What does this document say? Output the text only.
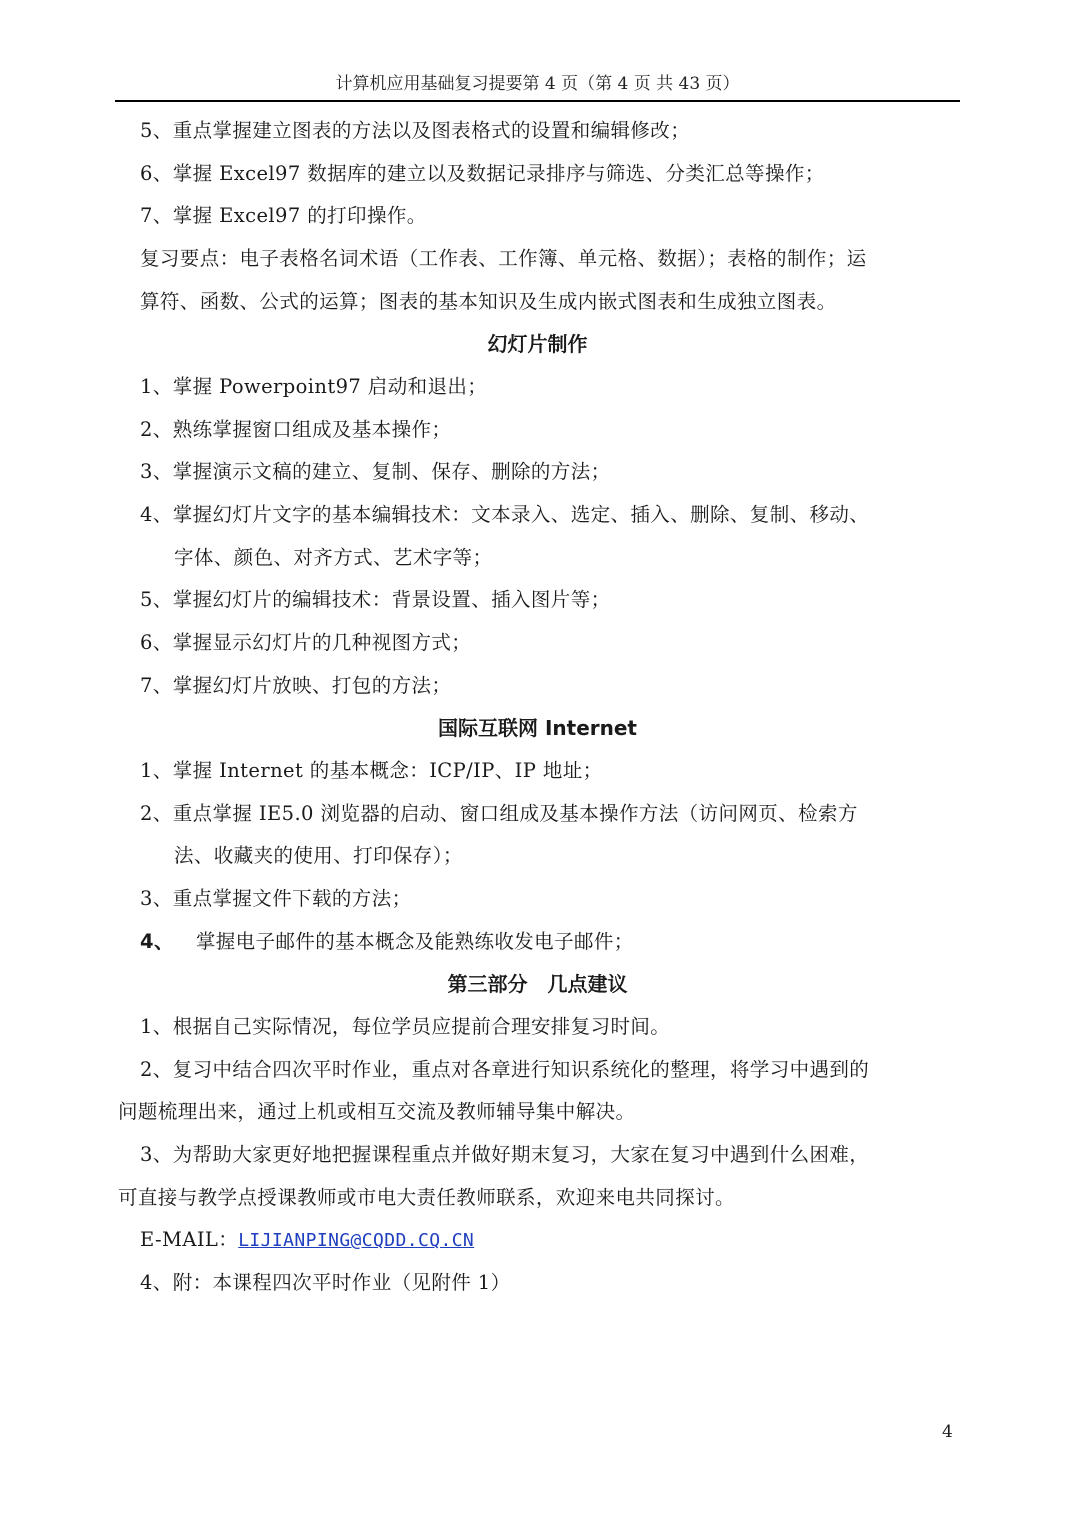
计算机应用基础复习提要第 4 页（第 4 页 共 43 页）
5、重点掌握建立图表的方法以及图表格式的设置和编辑修改；
6、掌握 Excel97 数据库的建立以及数据记录排序与筛选、分类汇总等操作；
7、掌握 Excel97 的打印操作。
复习要点：电子表格名词术语（工作表、工作簿、单元格、数据）；表格的制作；运
算符、函数、公式的运算；图表的基本知识及生成内嵌式图表和生成独立图表。
幻灯片制作
1、掌握 Powerpoint97 启动和退出；
2、熟练掌握窗口组成及基本操作；
3、掌握演示文稿的建立、复制、保存、删除的方法；
4、掌握幻灯片文字的基本编辑技术：文本录入、选定、插入、删除、复制、移动、
字体、颜色、对齐方式、艺术字等；
5、掌握幻灯片的编辑技术：背景设置、插入图片等；
6、掌握显示幻灯片的几种视图方式；
7、掌握幻灯片放映、打包的方法；
国际互联网 Internet
1、掌握 Internet 的基本概念：ICP/IP、IP 地址；
2、重点掌握 IE5.0 浏览器的启动、窗口组成及基本操作方法（访问网页、检索方
法、收藏夹的使用、打印保存）；
3、重点掌握文件下载的方法；
4、 掌握电子邮件的基本概念及能熟练收发电子邮件；
第三部分　几点建议
1、根据自己实际情况，每位学员应提前合理安排复习时间。
2、复习中结合四次平时作业，重点对各章进行知识系统化的整理，将学习中遇到的
问题梳理出来，通过上机或相互交流及教师辅导集中解决。
3、为帮助大家更好地把握课程重点并做好期末复习，大家在复习中遇到什么困难，
可直接与教学点授课教师或市电大责任教师联系，欢迎来电共同探讨。
E-MAIL：LIJIANPING@CQDD.CQ.CN
4、附：本课程四次平时作业（见附件 1）
4
